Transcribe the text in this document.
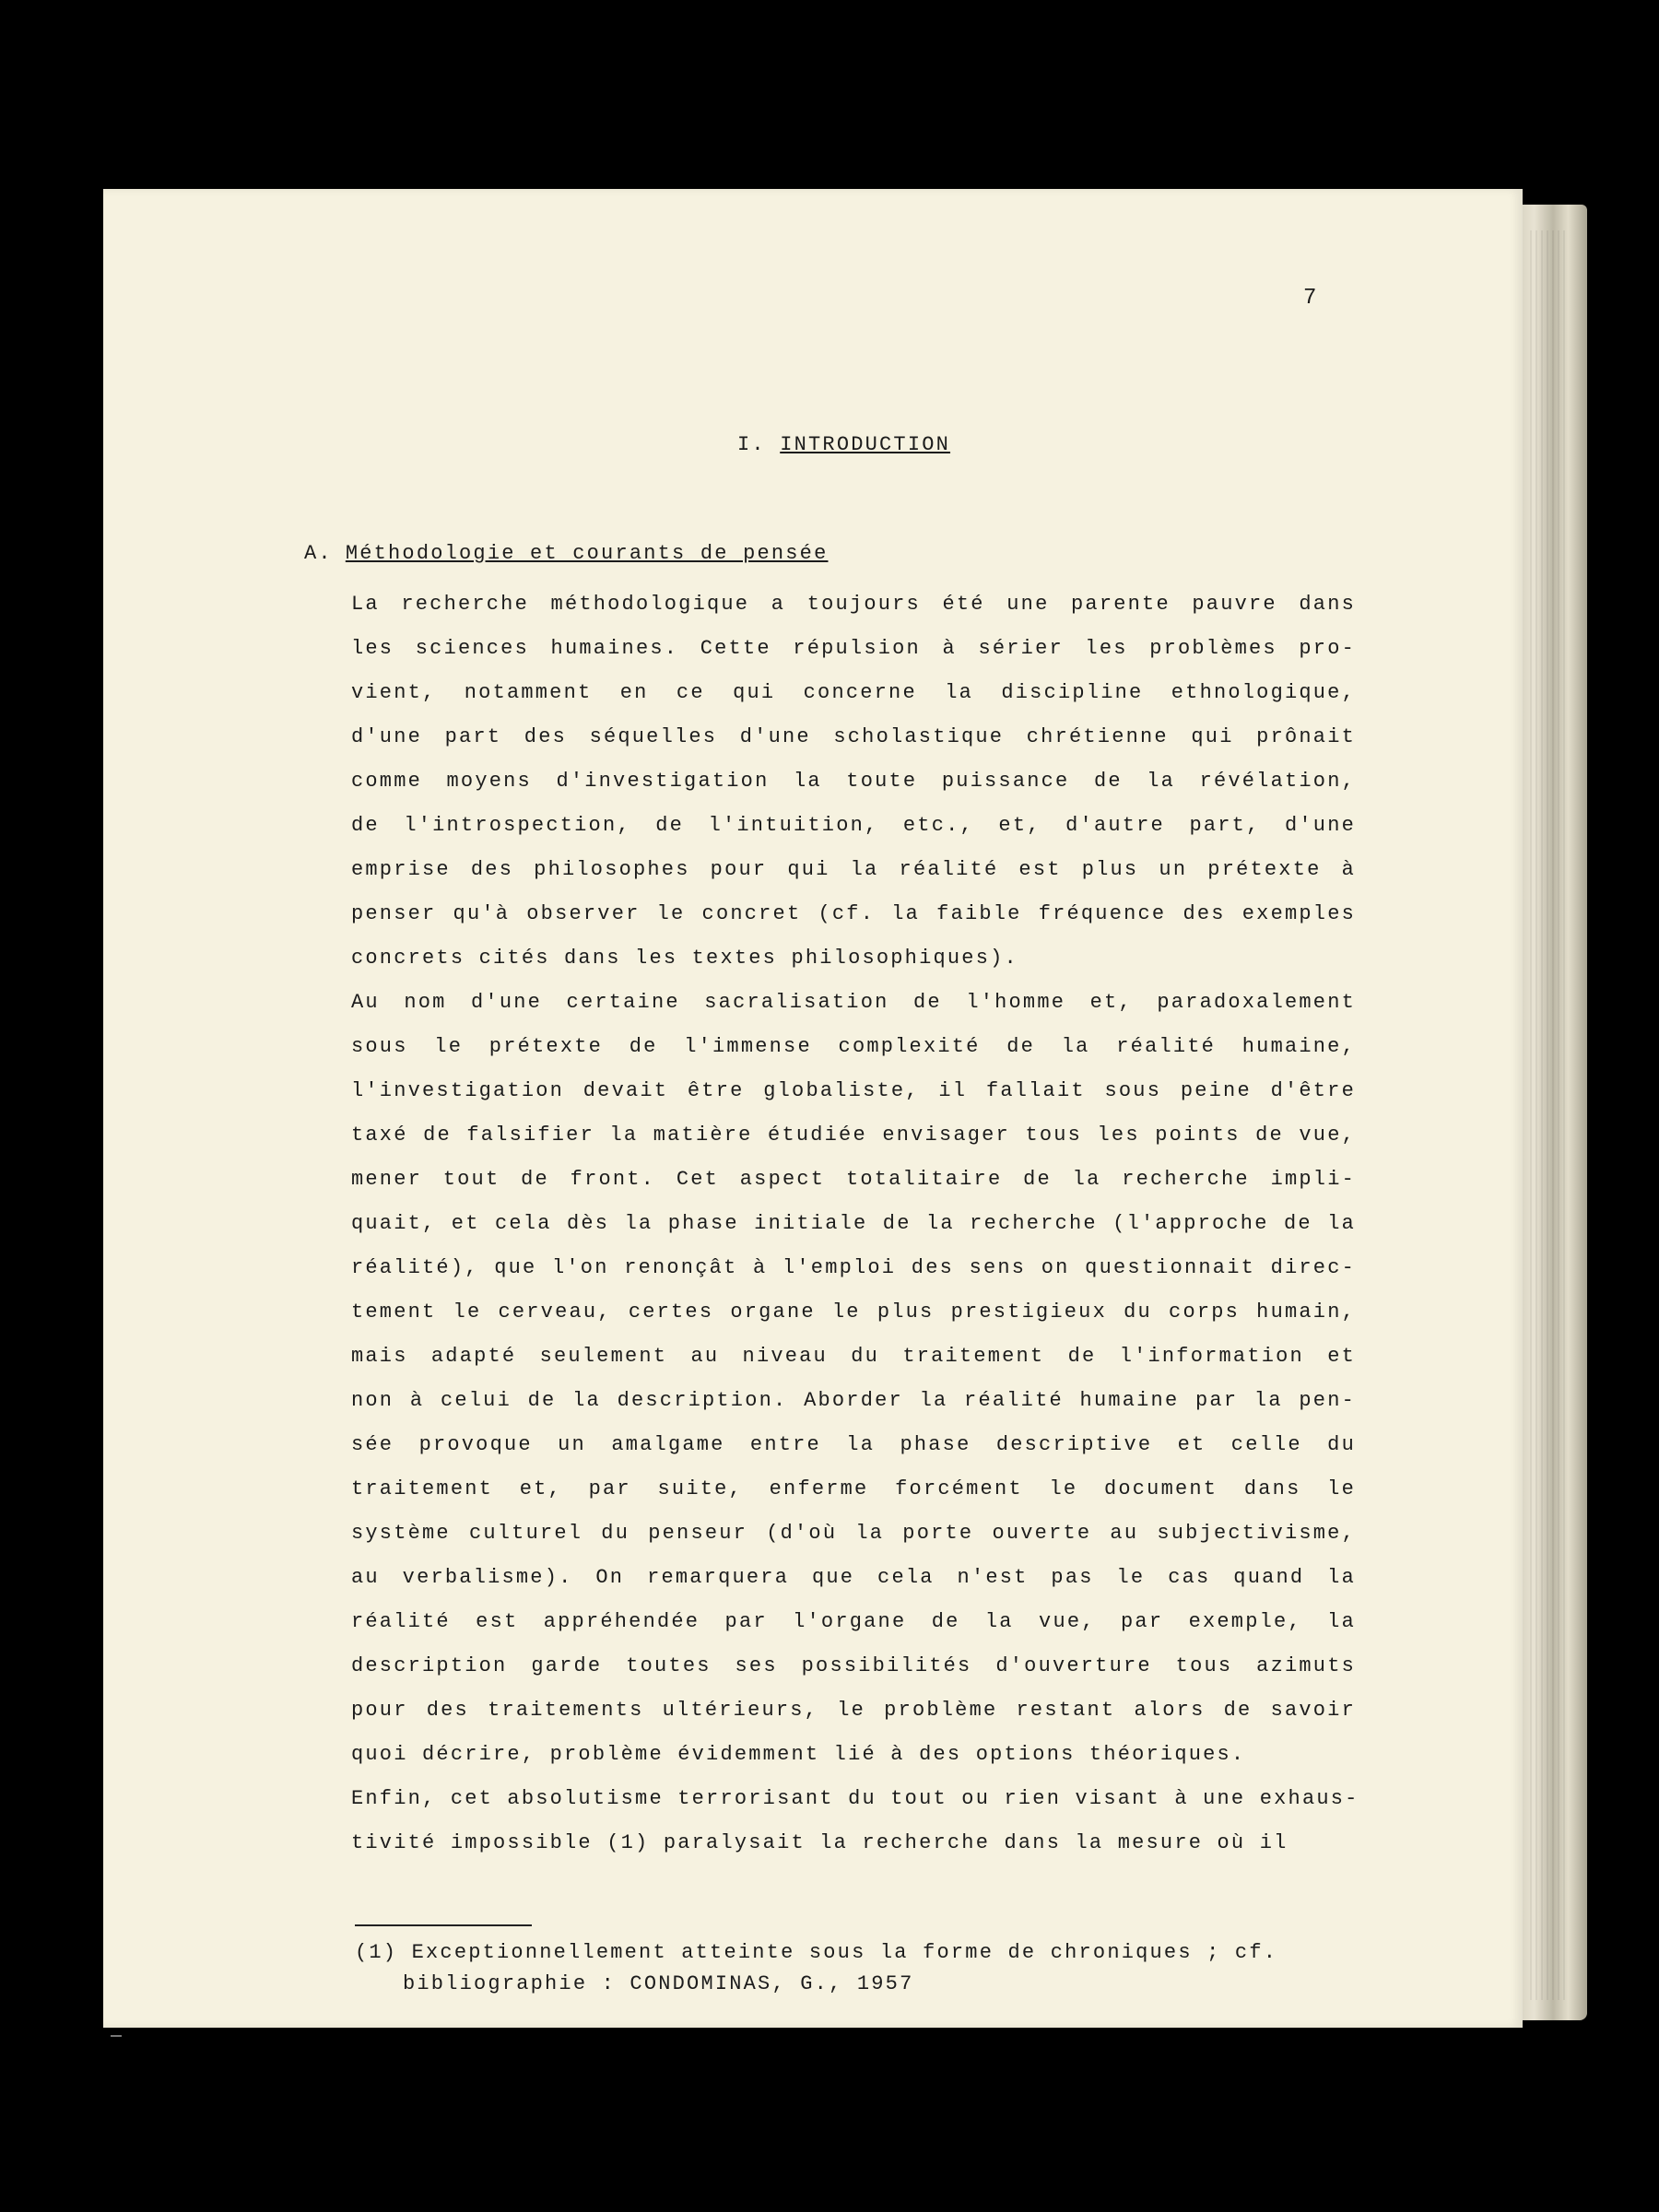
7
I. INTRODUCTION
A. Méthodologie et courants de pensée
La recherche méthodologique a toujours été une parente pauvre dans
les sciences humaines. Cette répulsion à sérier les problèmes pro-
vient, notamment en ce qui concerne la discipline ethnologique,
d'une part des séquelles d'une scholastique chrétienne qui prônait
comme moyens d'investigation la toute puissance de la révélation,
de l'introspection, de l'intuition, etc., et, d'autre part, d'une
emprise des philosophes pour qui la réalité est plus un prétexte à
penser qu'à observer le concret (cf. la faible fréquence des exemples
concrets cités dans les textes philosophiques).
Au nom d'une certaine sacralisation de l'homme et, paradoxalement
sous le prétexte de l'immense complexité de la réalité humaine,
l'investigation devait être globaliste, il fallait sous peine d'être
taxé de falsifier la matière étudiée envisager tous les points de vue,
mener tout de front. Cet aspect totalitaire de la recherche impli-
quait, et cela dès la phase initiale de la recherche (l'approche de la
réalité), que l'on renonçât à l'emploi des sens on questionnait direc-
tement le cerveau, certes organe le plus prestigieux du corps humain,
mais adapté seulement au niveau du traitement de l'information et
non à celui de la description. Aborder la réalité humaine par la pen-
sée provoque un amalgame entre la phase descriptive et celle du
traitement et, par suite, enferme forcément le document dans le
système culturel du penseur (d'où la porte ouverte au subjectivisme,
au verbalisme). On remarquera que cela n'est pas le cas quand la
réalité est appréhendée par l'organe de la vue, par exemple, la
description garde toutes ses possibilités d'ouverture tous azimuts
pour des traitements ultérieurs, le problème restant alors de savoir
quoi décrire, problème évidemment lié à des options théoriques.
Enfin, cet absolutisme terrorisant du tout ou rien visant à une exhaus-
tivité impossible (1) paralysait la recherche dans la mesure où il
(1) Exceptionnellement atteinte sous la forme de chroniques ; cf.
bibliographie : CONDOMINAS, G., 1957
